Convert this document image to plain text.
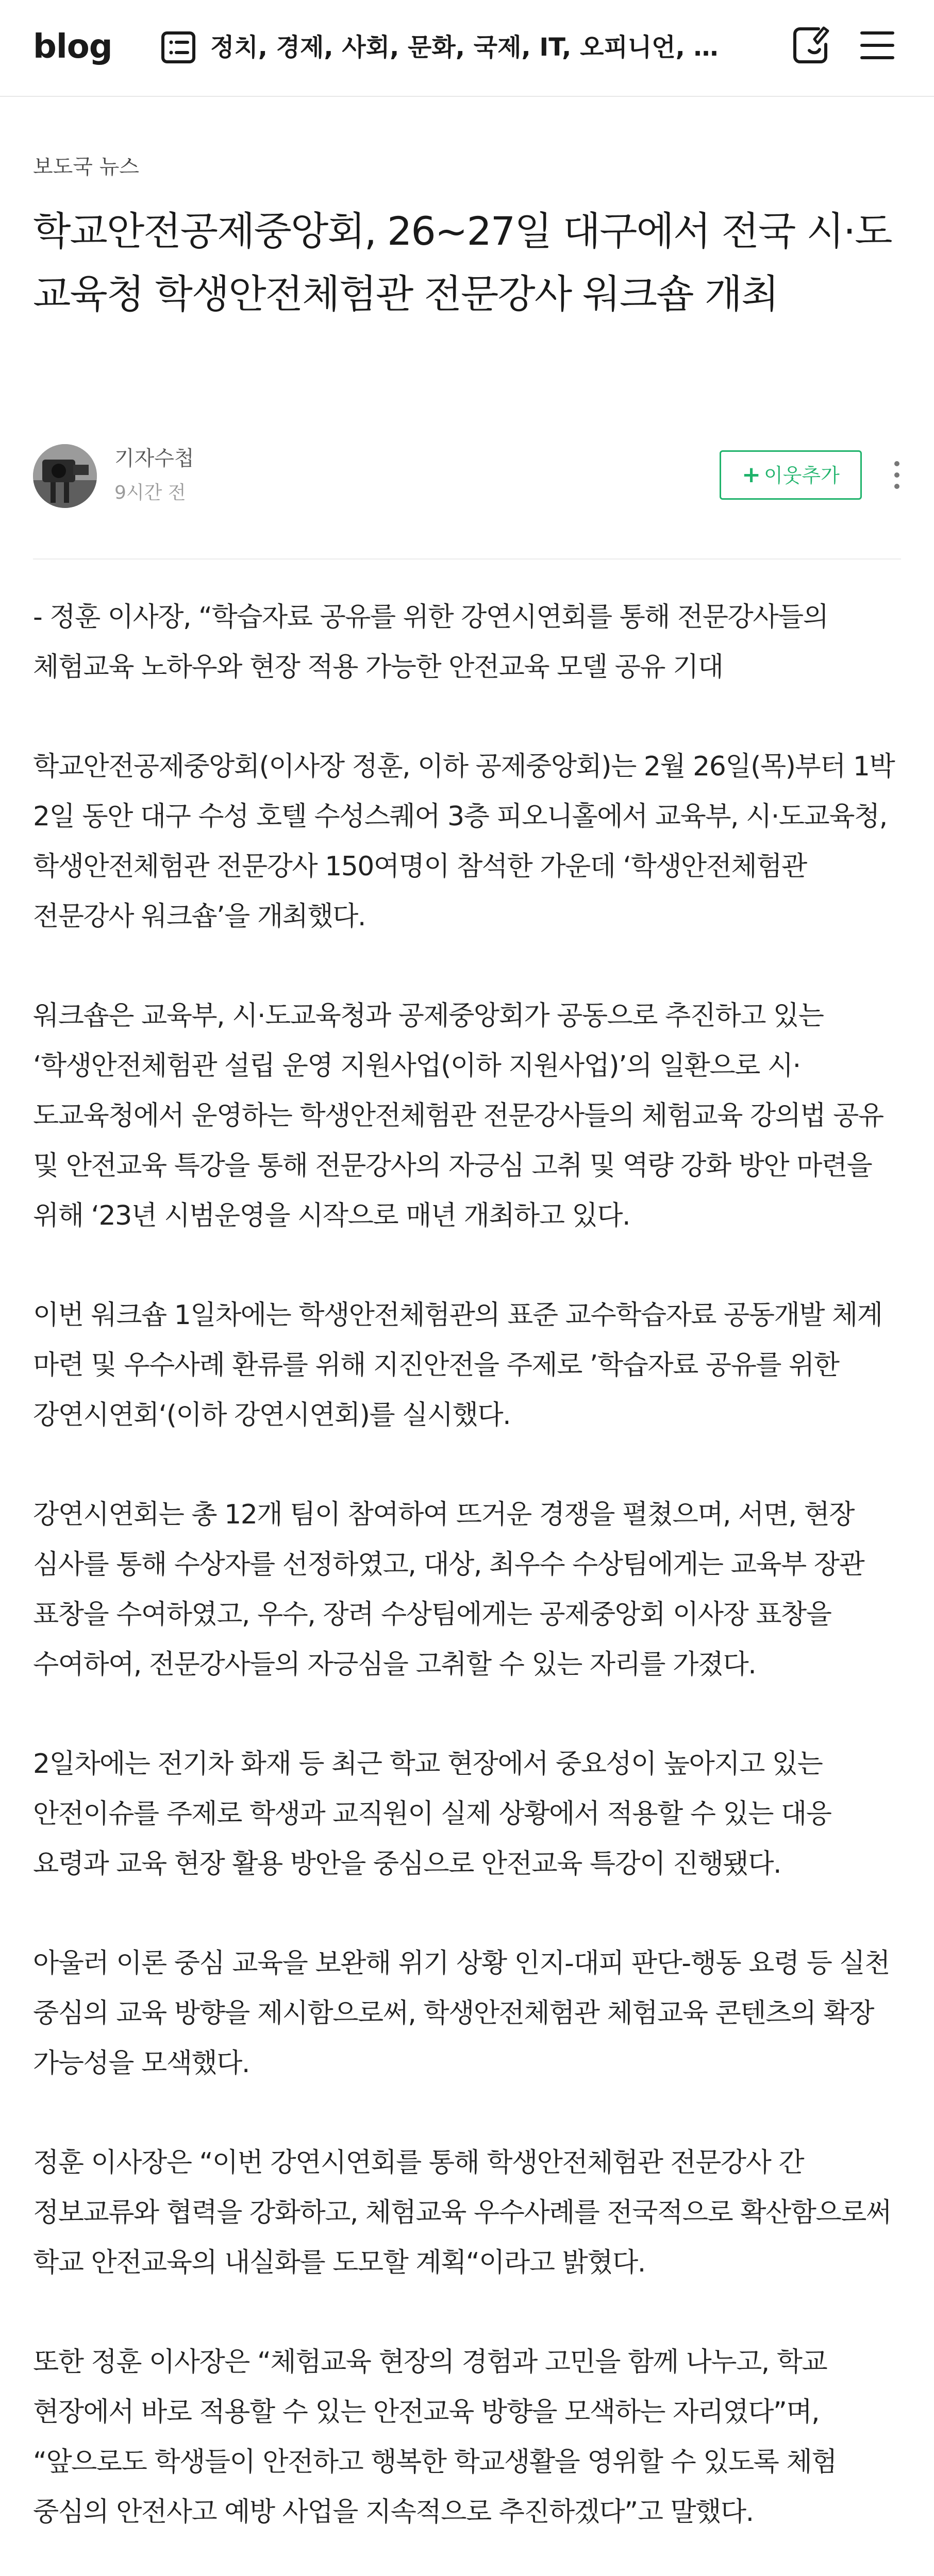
blog	정치, 경제, 사회, 문화, 국제, IT, 오피니언, …
보도국 뉴스
학교안전공제중앙회, 26~27일 대구에서 전국 시·도교육청 학생안전체험관 전문강사 워크숍 개최
기자수첩
9시간 전
+ 이웃추가

- 정훈 이사장, “학습자료 공유를 위한 강연시연회를 통해 전문강사들의 체험교육 노하우와 현장 적용 가능한 안전교육 모델 공유 기대

학교안전공제중앙회(이사장 정훈, 이하 공제중앙회)는 2월 26일(목)부터 1박 2일 동안 대구 수성 호텔 수성스퀘어 3층 피오니홀에서 교육부, 시·도교육청, 학생안전체험관 전문강사 150여명이 참석한 가운데 ‘학생안전체험관 전문강사 워크숍’을 개최했다.

워크숍은 교육부, 시·도교육청과 공제중앙회가 공동으로 추진하고 있는 ‘학생안전체험관 설립 운영 지원사업(이하 지원사업)’의 일환으로 시·도교육청에서 운영하는 학생안전체험관 전문강사들의 체험교육 강의법 공유 및 안전교육 특강을 통해 전문강사의 자긍심 고취 및 역량 강화 방안 마련을 위해 ‘23년 시범운영을 시작으로 매년 개최하고 있다.

이번 워크숍 1일차에는 학생안전체험관의 표준 교수학습자료 공동개발 체계 마련 및 우수사례 환류를 위해 지진안전을 주제로 ’학습자료 공유를 위한 강연시연회‘(이하 강연시연회)를 실시했다.

강연시연회는 총 12개 팀이 참여하여 뜨거운 경쟁을 펼쳤으며, 서면, 현장 심사를 통해 수상자를 선정하였고, 대상, 최우수 수상팀에게는 교육부 장관 표창을 수여하였고, 우수, 장려 수상팀에게는 공제중앙회 이사장 표창을 수여하여, 전문강사들의 자긍심을 고취할 수 있는 자리를 가졌다.

2일차에는 전기차 화재 등 최근 학교 현장에서 중요성이 높아지고 있는 안전이슈를 주제로 학생과 교직원이 실제 상황에서 적용할 수 있는 대응 요령과 교육 현장 활용 방안을 중심으로 안전교육 특강이 진행됐다.

아울러 이론 중심 교육을 보완해 위기 상황 인지-대피 판단-행동 요령 등 실천 중심의 교육 방향을 제시함으로써, 학생안전체험관 체험교육 콘텐츠의 확장 가능성을 모색했다.

정훈 이사장은 “이번 강연시연회를 통해 학생안전체험관 전문강사 간 정보교류와 협력을 강화하고, 체험교육 우수사례를 전국적으로 확산함으로써 학교 안전교육의 내실화를 도모할 계획“이라고 밝혔다.

또한 정훈 이사장은 “체험교육 현장의 경험과 고민을 함께 나누고, 학교 현장에서 바로 적용할 수 있는 안전교육 방향을 모색하는 자리였다”며, “앞으로도 학생들이 안전하고 행복한 학교생활을 영위할 수 있도록 체험 중심의 안전사고 예방 사업을 지속적으로 추진하겠다”고 말했다.
